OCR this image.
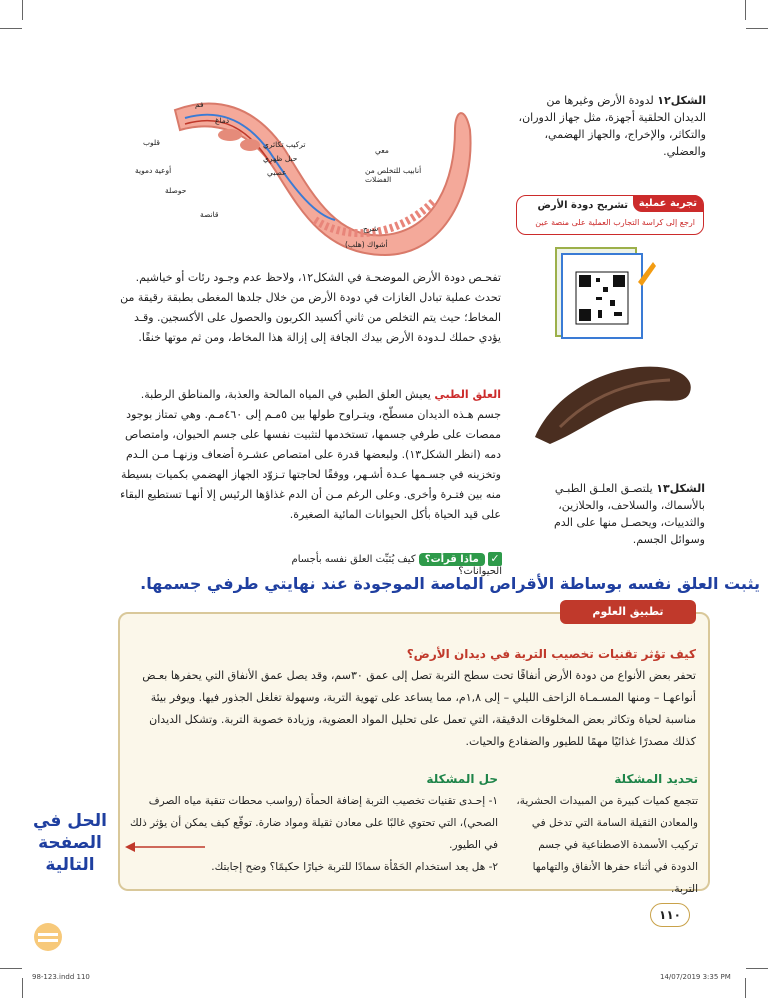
الشكل١٢ لدودة الأرض وغيرها من الديدان الحلقية أجهزة، مثل جهاز الدوران، والتكاثر، والإخراج، والجهاز الهضمي، والعضلي.
فم
دماغ
قلوب
أوعية دموية
حوصلة
قانصة
تركيب تكاثري
حبل ظهري
عصبي
معي
أنابيب للتخلص من الفضلات
شرج
أشواك (هلب)
تجربة عملية
تشريح دودة الأرض
ارجع إلى كراسة التجارب العملية على منصة عين
تفحـص دودة الأرض الموضحـة في الشكل١٢، ولاحظ عدم وجـود رئات أو خياشيم. تحدث عملية تبادل الغازات في دودة الأرض من خلال جلدها المغطى بطبقة رقيقة من المخاط؛ حيث يتم التخلص من ثاني أكسيد الكربون والحصول على الأكسجين. وقـد يؤدي حملك لـدودة الأرض بيدك الجافة إلى إزالة هذا المخاط، ومن ثم موتها خنقًا.
العلق الطبي يعيش العلق الطبي في المياه المالحة والعذبة، والمناطق الرطبة. جسم هـذه الديدان مسطّح، ويتـراوح طولها بين ٥مـم إلى ٤٦٠مـم. وهي تمتاز بوجود ممصات على طرفي جسمها، تستخدمها لتثبيت نفسها على جسم الحيوان، وامتصاص دمه (انظر الشكل١٣). ولبعضها قدرة على امتصاص عشـرة أضعاف وزنهـا مـن الـدم وتخزينه في جسـمها عـدة أشـهر، ووفقًا لحاجتها تـزوّد الجهاز الهضمي بكميات بسيطة منه بين فتـرة وأخرى. وعلى الرغم مـن أن الدم غذاؤها الرئيس إلا أنهـا تستطيع البقاء على قيد الحياة بأكل الحيوانات المائية الصغيرة.
الشكل١٣ يلتصـق العلـق الطبـي بالأسماك، والسلاحف، والحلازين، والثدييات، ويحصـل منها على الدم وسوائل الجسم.
✓ ماذا قرأت؟ كيف يُثبِّت العلق نفسه بأجسام الحيوانات؟
يثبت العلق نفسه بوساطة الأقراص الماصة الموجودة عند نهايتي طرفي جسمها.
تطبيق العلوم
كيف تؤثر تقنيات تخصيب التربة في ديدان الأرض؟
تحفر بعض الأنواع من دودة الأرض أنفاقًا تحت سطح التربة تصل إلى عمق ٣٠سم، وقد يصل عمق الأنفاق التي يحفرها بعـض أنواعهـا – ومنها المسـمـاة الزاحف الليلي – إلى ١,٨م، مما يساعد على تهوية التربة، وسهولة تغلغل الجذور فيها. ويوفر بيئة مناسبة لحياة وتكاثر بعض المخلوقات الدقيقة، التي تعمل على تحليل المواد العضوية، وزيادة خصوبة التربة. وتشكل الديدان كذلك مصدرًا غذائيًا مهمًا للطيور والضفادع والحيات.
تحديد المشكلة
تتجمع كميات كبيرة من المبيدات الحشرية، والمعادن الثقيلة السامة التي تدخل في تركيب الأسمدة الاصطناعية في جسم الدودة في أثناء حفرها الأنفاق والتهامها التربة.
حل المشكلة
١- إحـدى تقنيات تخصيب التربة إضافة الحمأة (رواسب محطات تنقية مياه الصرف الصحي)، التي تحتوي غالبًا على معادن ثقيلة ومواد ضارة. توقّع كيف يمكن أن يؤثر ذلك في الطيور.
٢- هل يعد استخدام الحَمْأة سمادًا للتربة خيارًا حكيمًا؟ وضح إجابتك.
الحل في الصفحة التالية
١١٠
98-123.indd 110	14/07/2019 3:35 PM
